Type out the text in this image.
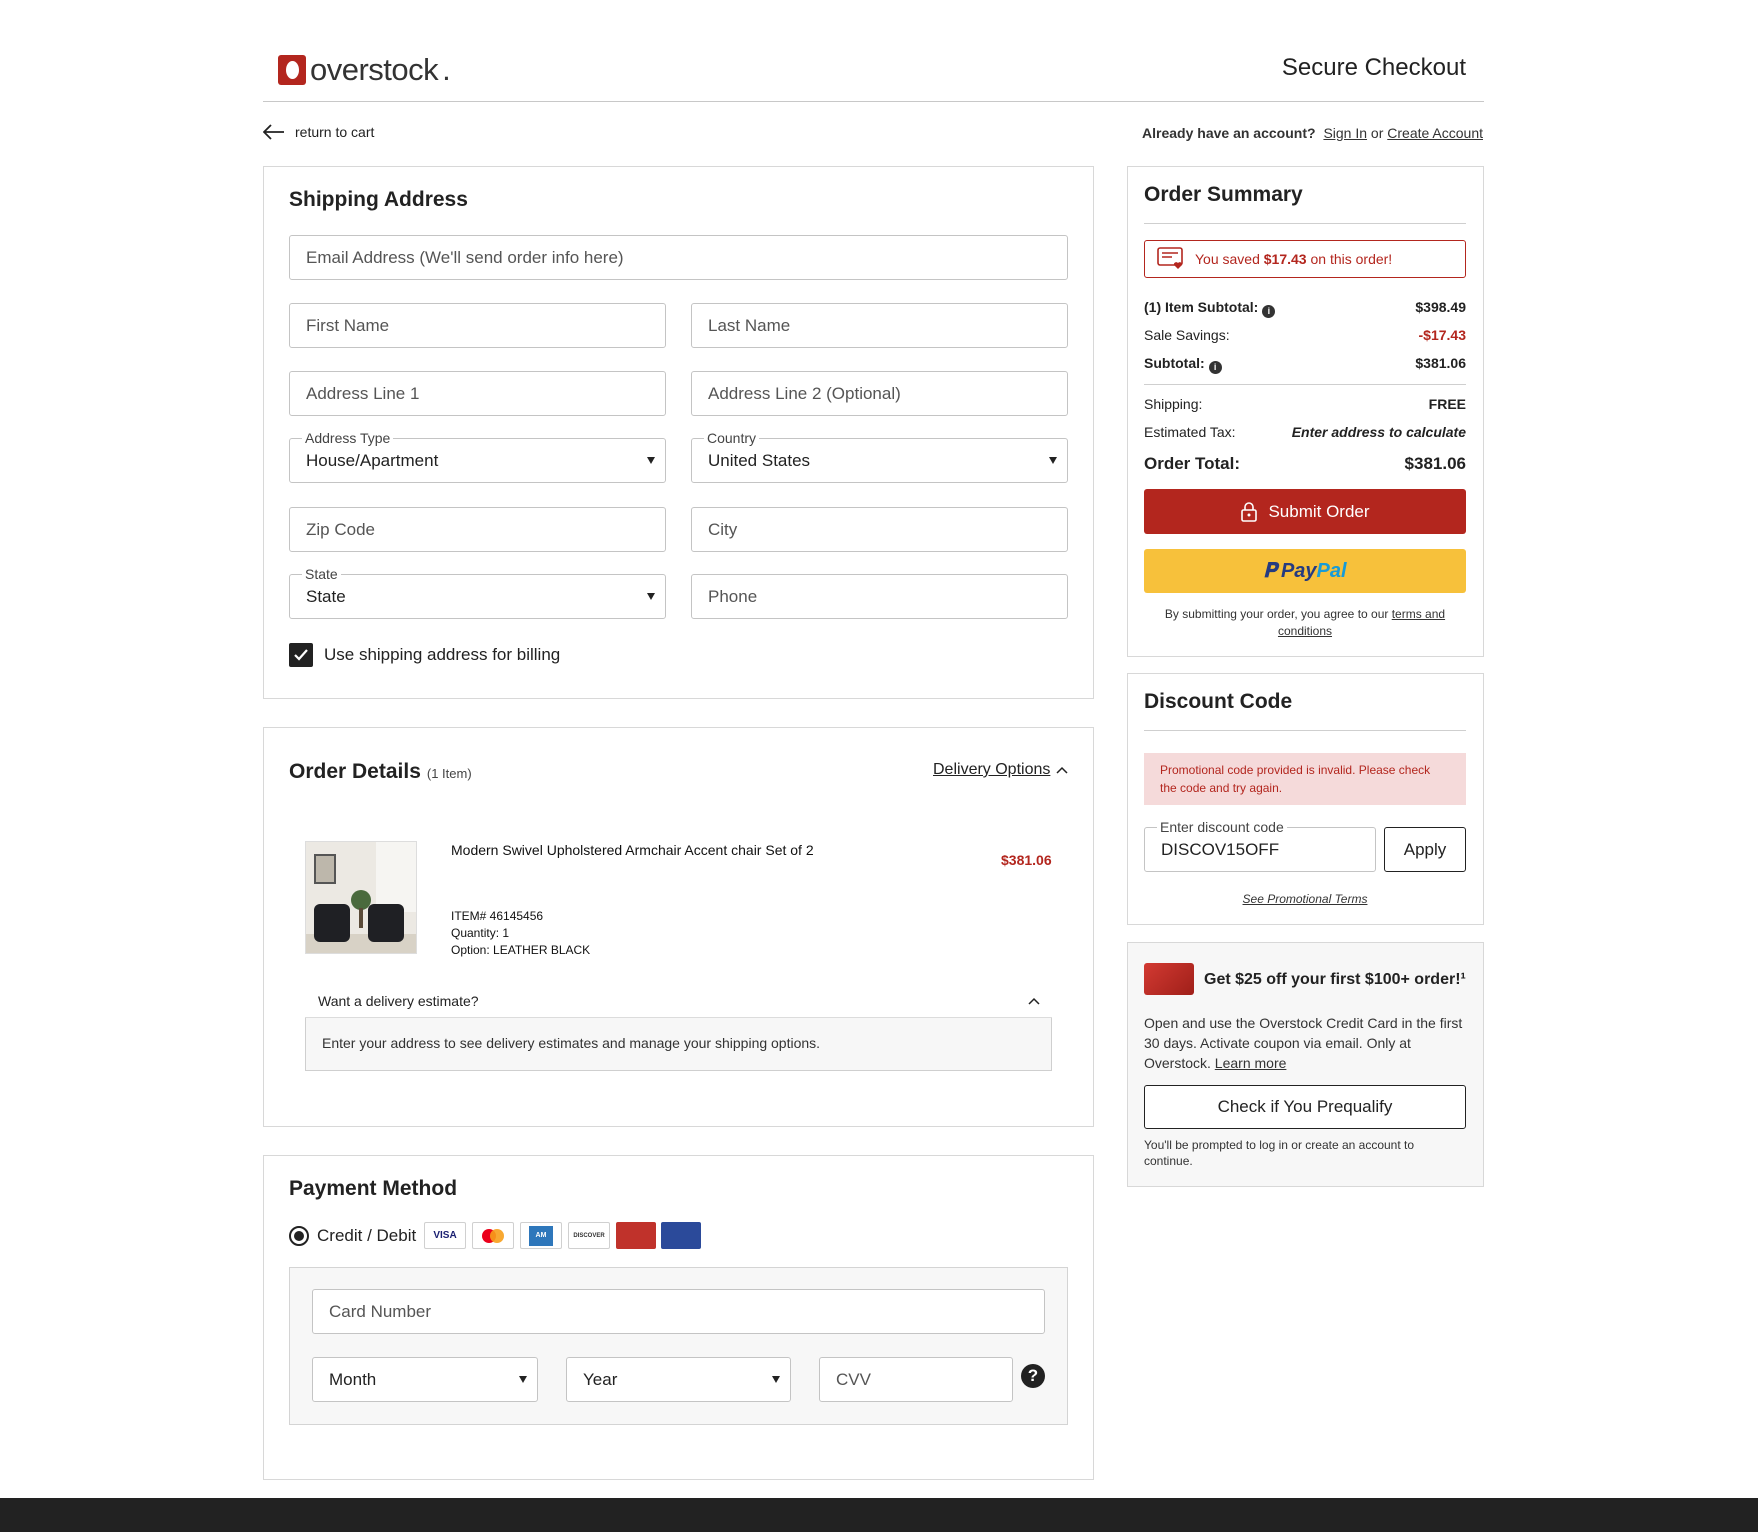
overstock .	Secure Checkout
return to cart	Already have an account? Sign In or Create Account
Shipping Address
Email Address (We'll send order info here)
First Name
Last Name
Address Line 1
Address Line 2 (Optional)
House/Apartment
Address Type
United States
Country
Zip Code
City
State
State
Phone
Use shipping address for billing
Order Details (1 Item)	Delivery Options
Modern Swivel Upholstered Armchair Accent chair Set of 2
$381.06
ITEM# 46145456
Quantity: 1
Option: LEATHER BLACK
Want a delivery estimate?
Enter your address to see delivery estimates and manage your shipping options.
Payment Method
Credit / Debit	VISA	AM	DISCOVER
Card Number
Month	Year
CVV	?
Order Summary
You saved $17.43 on this order!
(1) Item Subtotal: i	$398.49
Sale Savings:	-$17.43
Subtotal: i	$381.06
Shipping:	FREE
Estimated Tax:	Enter address to calculate
Order Total:	$381.06
Submit Order
𝐏 Pay Pal
By submitting your order, you agree to our terms and conditions
Discount Code
Promotional code provided is invalid. Please check the code and try again.
DISCOV15OFF
Enter discount code
Apply
See Promotional Terms
Get $25 off your first $100+ order!¹
Open and use the Overstock Credit Card in the first 30 days. Activate coupon via email. Only at Overstock. Learn more
Check if You Prequalify
You'll be prompted to log in or create an account to continue.
